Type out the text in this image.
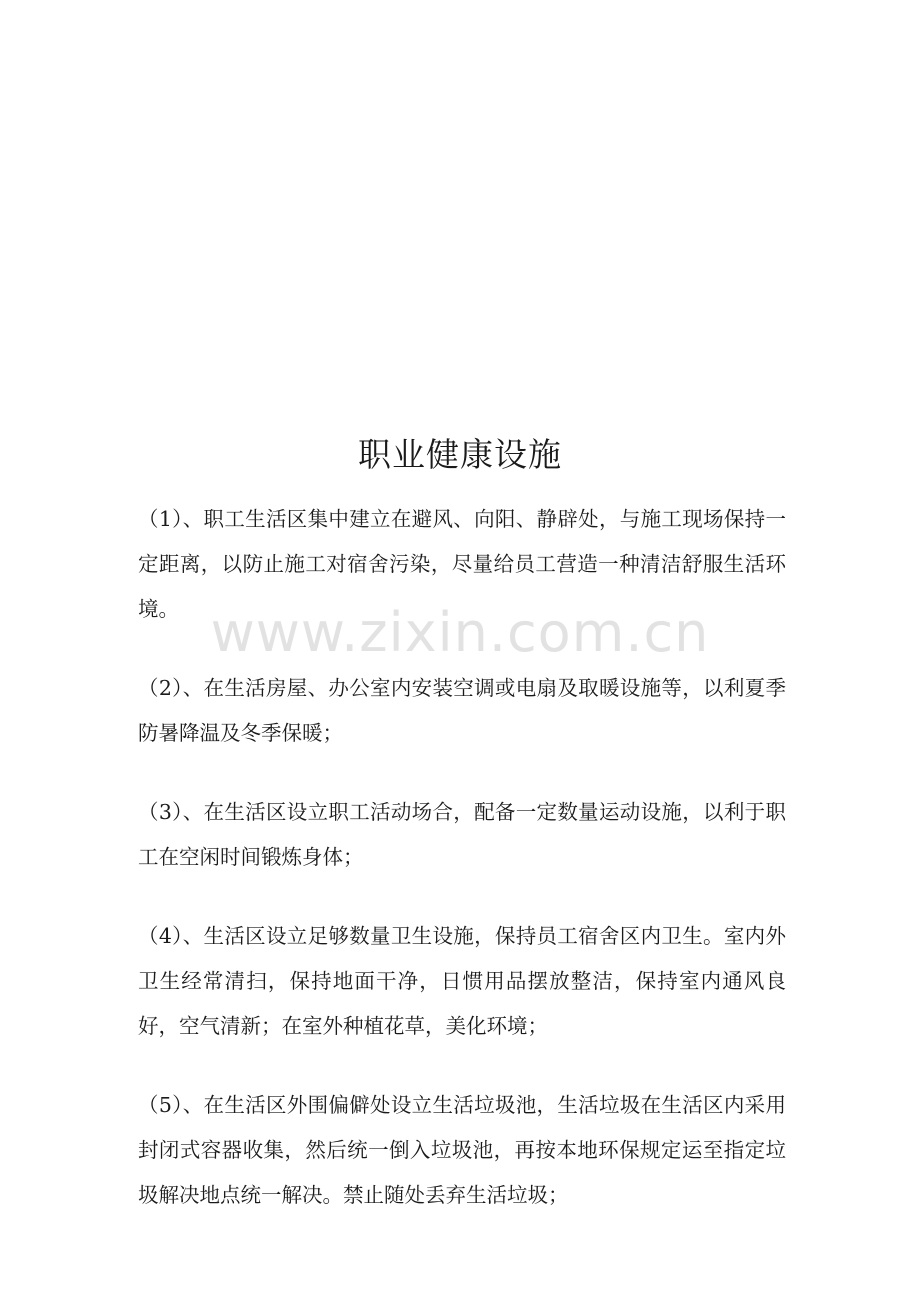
职业健康设施

（1）、职工生活区集中建立在避风、向阳、静辟处，与施工现场保持一定距离，以防止施工对宿舍污染，尽量给员工营造一种清洁舒服生活环境。

（2）、在生活房屋、办公室内安装空调或电扇及取暖设施等，以利夏季防暑降温及冬季保暖；

（3）、在生活区设立职工活动场合，配备一定数量运动设施，以利于职工在空闲时间锻炼身体；

（4）、生活区设立足够数量卫生设施，保持员工宿舍区内卫生。室内外卫生经常清扫，保持地面干净，日惯用品摆放整洁，保持室内通风良好，空气清新；在室外种植花草，美化环境；

（5）、在生活区外围偏僻处设立生活垃圾池，生活垃圾在生活区内采用封闭式容器收集，然后统一倒入垃圾池，再按本地环保规定运至指定垃圾解决地点统一解决。禁止随处丢弃生活垃圾；

www.zixin.com.cn
